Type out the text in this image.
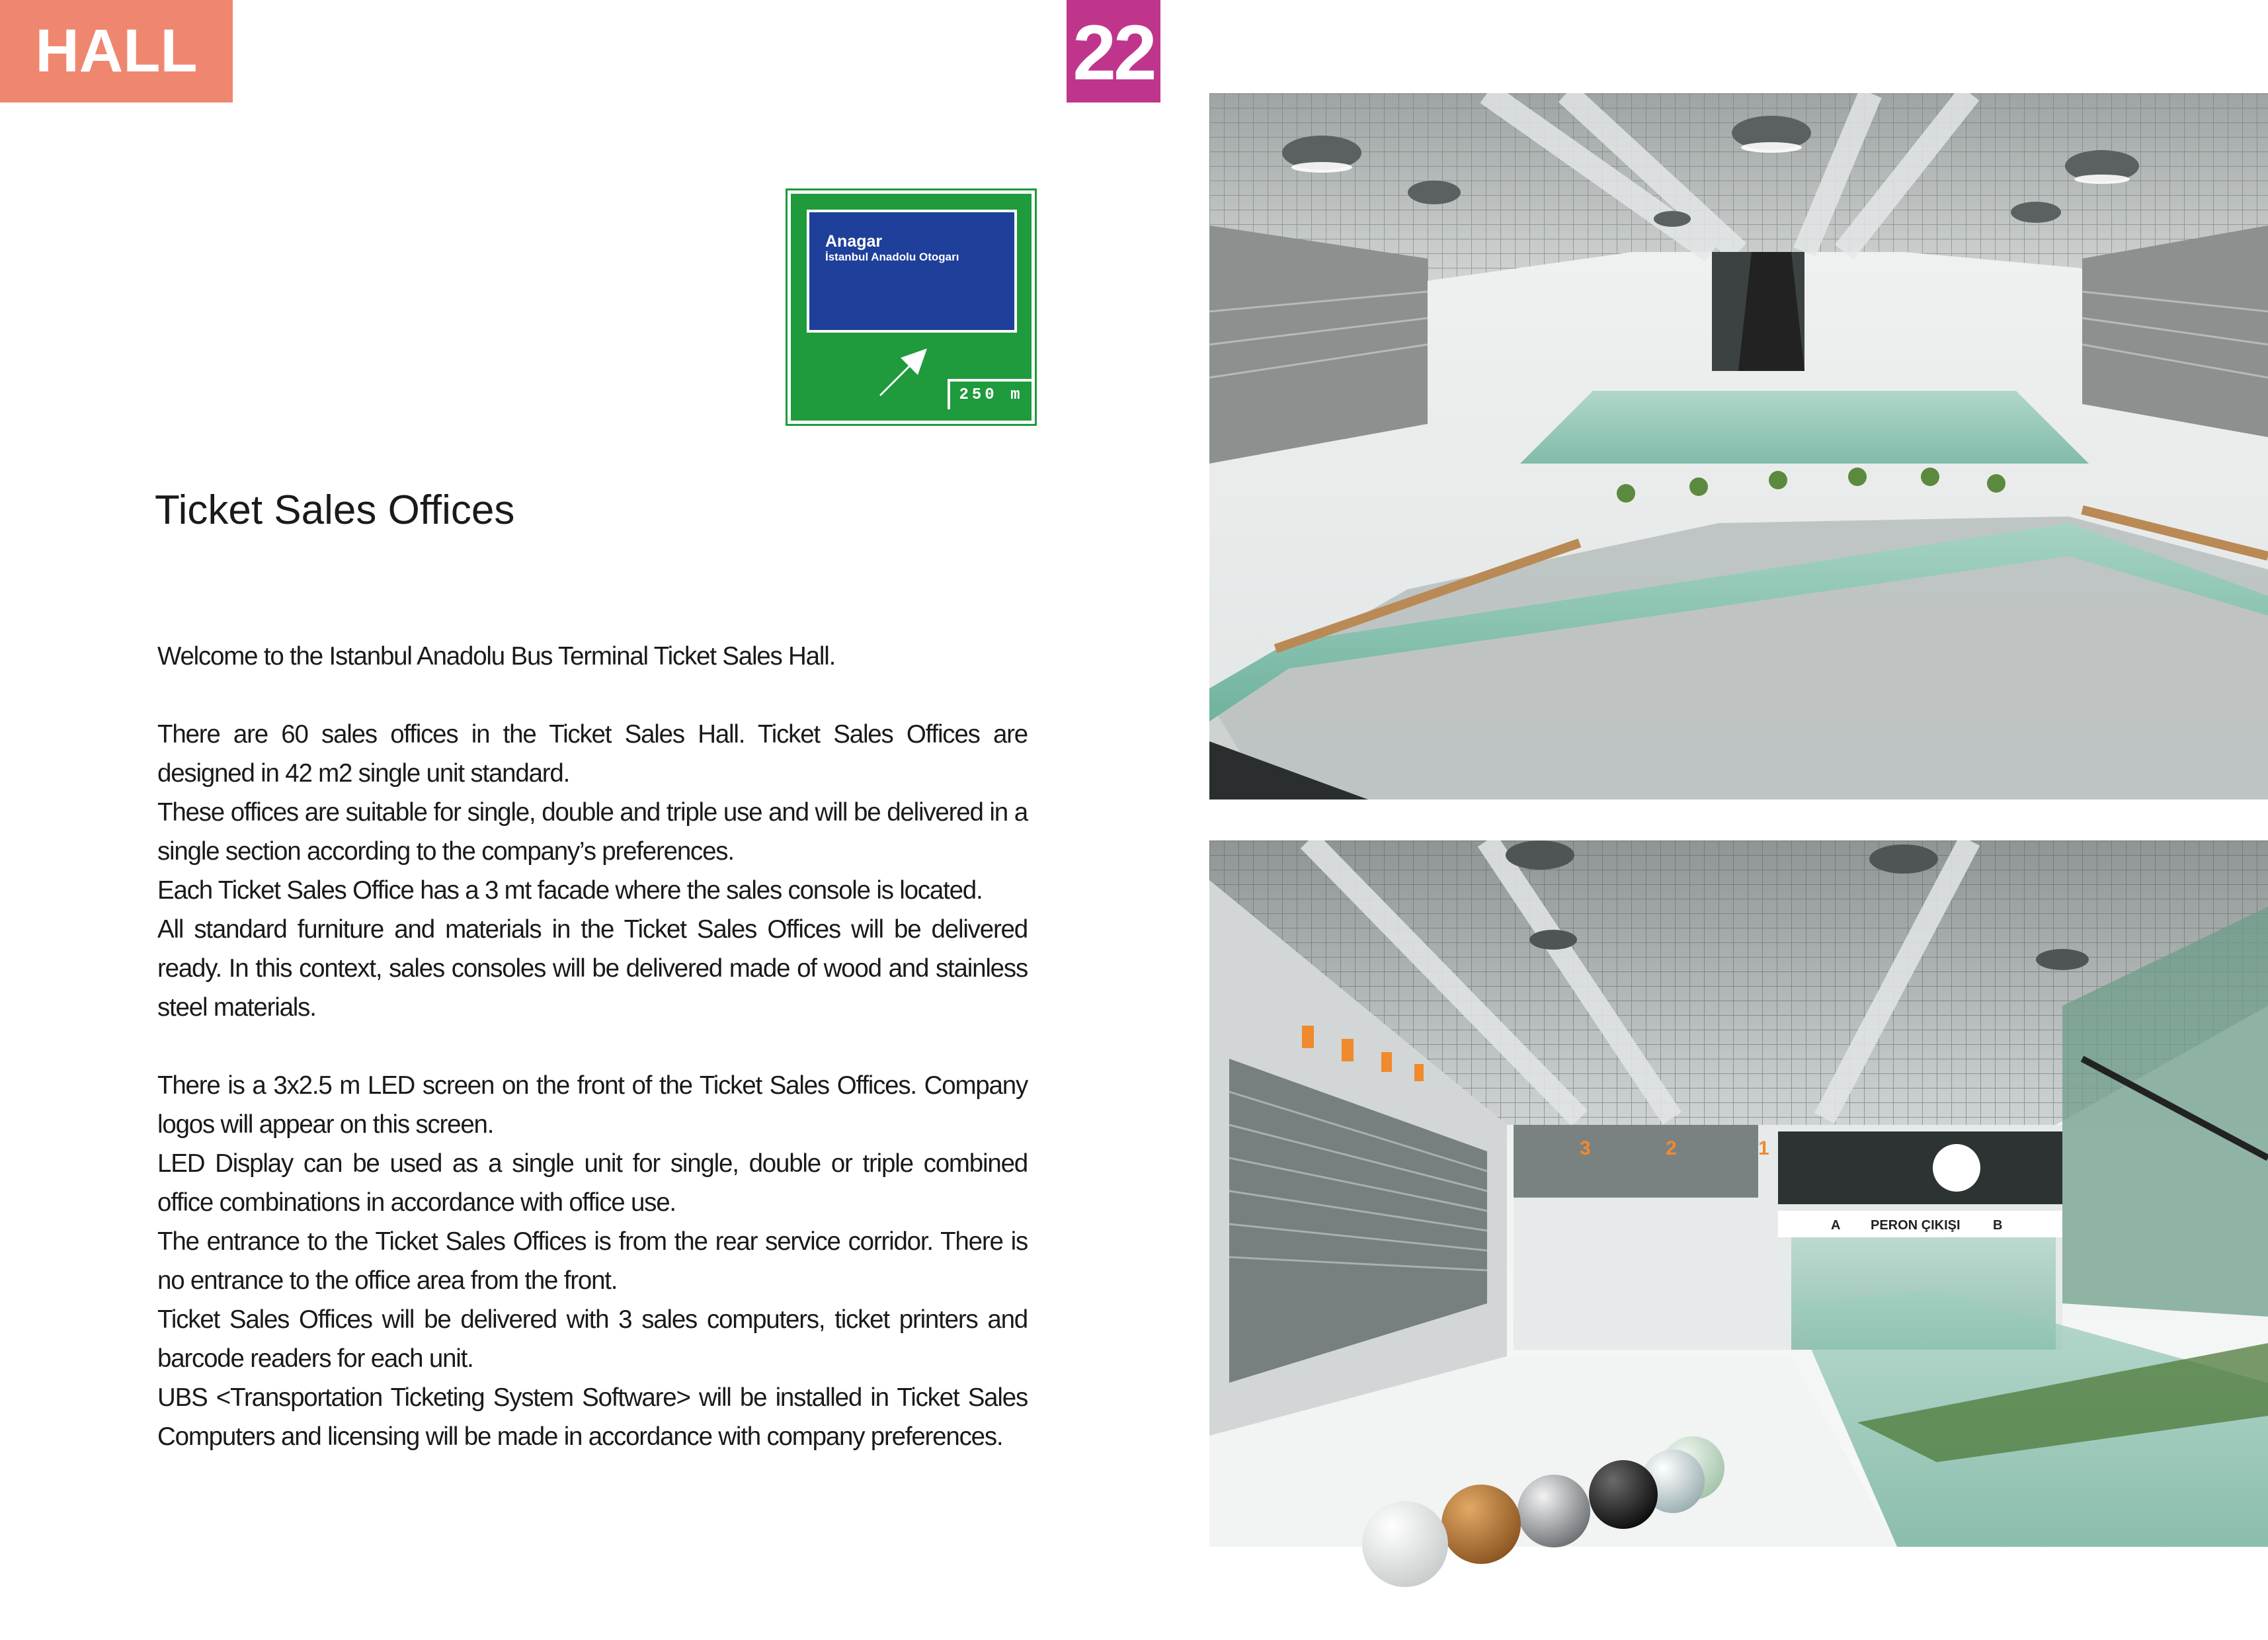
HALL	22
Anagar
İstanbul Anadolu Otogarı
250 m
Ticket Sales Offices

Welcome to the Istanbul Anadolu Bus Terminal Ticket Sales Hall.

There are 60 sales offices in the Ticket Sales Hall. Ticket Sales Offices are designed in 42 m2 single unit standard.

These offices are suitable for single, double and triple use and will be delivered in a single section according to the company’s preferences.

Each Ticket Sales Office has a 3 mt facade where the sales console is located.

All standard furniture and materials in the Ticket Sales Offices will be delivered ready. In this context, sales consoles will be delivered made of wood and stainless steel materials.

There is a 3x2.5 m LED screen on the front of the Ticket Sales Offices. Company logos will appear on this screen.

LED Display can be used as a single unit for single, double or triple combined office combinations in accordance with office use.

The entrance to the Ticket Sales Offices is from the rear service corridor. There is no entrance to the office area from the front.

Ticket Sales Offices will be delivered with 3 sales computers, ticket printers and barcode readers for each unit.

UBS <Transportation Ticketing System Software> will be installed in Ticket Sales Computers and licensing will be made in accordance with company preferences.

A PERON ÇIKIŞI B
3	2	1
